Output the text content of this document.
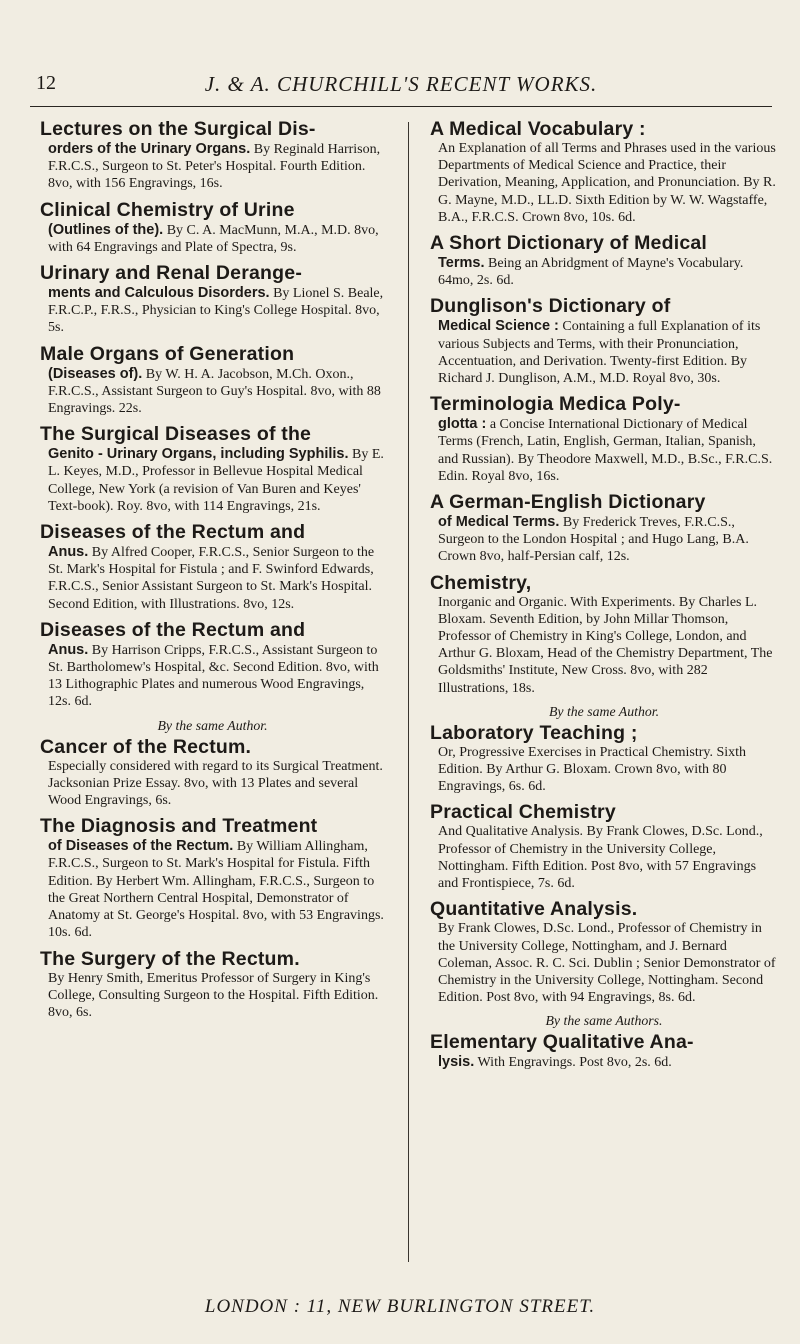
12	J. & A. CHURCHILL'S RECENT WORKS.
Lectures on the Surgical Dis-
orders of the Urinary Organs. By Reginald Harrison, F.R.C.S., Surgeon to St. Peter's Hospital. Fourth Edition. 8vo, with 156 Engravings, 16s.
Clinical Chemistry of Urine
(Outlines of the). By C. A. MacMunn, M.A., M.D. 8vo, with 64 Engravings and Plate of Spectra, 9s.
Urinary and Renal Derange-
ments and Calculous Disorders. By Lionel S. Beale, F.R.C.P., F.R.S., Physician to King's College Hospital. 8vo, 5s.
Male Organs of Generation
(Diseases of). By W. H. A. Jacobson, M.Ch. Oxon., F.R.C.S., Assistant Surgeon to Guy's Hospital. 8vo, with 88 Engravings. 22s.
The Surgical Diseases of the
Genito - Urinary Organs, including Syphilis. By E. L. Keyes, M.D., Professor in Bellevue Hospital Medical College, New York (a revision of Van Buren and Keyes' Text-book). Roy. 8vo, with 114 Engravings, 21s.
Diseases of the Rectum and
Anus. By Alfred Cooper, F.R.C.S., Senior Surgeon to the St. Mark's Hospital for Fistula ; and F. Swinford Edwards, F.R.C.S., Senior Assistant Surgeon to St. Mark's Hospital. Second Edition, with Illustrations. 8vo, 12s.
Diseases of the Rectum and
Anus. By Harrison Cripps, F.R.C.S., Assistant Surgeon to St. Bartholomew's Hospital, &c. Second Edition. 8vo, with 13 Lithographic Plates and numerous Wood Engravings, 12s. 6d.
By the same Author.
Cancer of the Rectum.
Especially considered with regard to its Surgical Treatment. Jacksonian Prize Essay. 8vo, with 13 Plates and several Wood Engravings, 6s.
The Diagnosis and Treatment
of Diseases of the Rectum. By William Allingham, F.R.C.S., Surgeon to St. Mark's Hospital for Fistula. Fifth Edition. By Herbert Wm. Allingham, F.R.C.S., Surgeon to the Great Northern Central Hospital, Demonstrator of Anatomy at St. George's Hospital. 8vo, with 53 Engravings. 10s. 6d.
The Surgery of the Rectum.
By Henry Smith, Emeritus Professor of Surgery in King's College, Consulting Surgeon to the Hospital. Fifth Edition. 8vo, 6s.
A Medical Vocabulary :
An Explanation of all Terms and Phrases used in the various Departments of Medical Science and Practice, their Derivation, Meaning, Application, and Pronunciation. By R. G. Mayne, M.D., LL.D. Sixth Edition by W. W. Wagstaffe, B.A., F.R.C.S. Crown 8vo, 10s. 6d.
A Short Dictionary of Medical
Terms. Being an Abridgment of Mayne's Vocabulary. 64mo, 2s. 6d.
Dunglison's Dictionary of
Medical Science : Containing a full Explanation of its various Subjects and Terms, with their Pronunciation, Accentuation, and Derivation. Twenty-first Edition. By Richard J. Dunglison, A.M., M.D. Royal 8vo, 30s.
Terminologia Medica Poly-
glotta : a Concise International Dictionary of Medical Terms (French, Latin, English, German, Italian, Spanish, and Russian). By Theodore Maxwell, M.D., B.Sc., F.R.C.S. Edin. Royal 8vo, 16s.
A German-English Dictionary
of Medical Terms. By Frederick Treves, F.R.C.S., Surgeon to the London Hospital ; and Hugo Lang, B.A. Crown 8vo, half-Persian calf, 12s.
Chemistry,
Inorganic and Organic. With Experiments. By Charles L. Bloxam. Seventh Edition, by John Millar Thomson, Professor of Chemistry in King's College, London, and Arthur G. Bloxam, Head of the Chemistry Department, The Goldsmiths' Institute, New Cross. 8vo, with 282 Illustrations, 18s.
By the same Author.
Laboratory Teaching ;
Or, Progressive Exercises in Practical Chemistry. Sixth Edition. By Arthur G. Bloxam. Crown 8vo, with 80 Engravings, 6s. 6d.
Practical Chemistry
And Qualitative Analysis. By Frank Clowes, D.Sc. Lond., Professor of Chemistry in the University College, Nottingham. Fifth Edition. Post 8vo, with 57 Engravings and Frontispiece, 7s. 6d.
Quantitative Analysis.
By Frank Clowes, D.Sc. Lond., Professor of Chemistry in the University College, Nottingham, and J. Bernard Coleman, Assoc. R. C. Sci. Dublin ; Senior Demonstrator of Chemistry in the University College, Nottingham. Second Edition. Post 8vo, with 94 Engravings, 8s. 6d.
By the same Authors.
Elementary Qualitative Ana-
lysis. With Engravings. Post 8vo, 2s. 6d.
LONDON : 11, NEW BURLINGTON STREET.
